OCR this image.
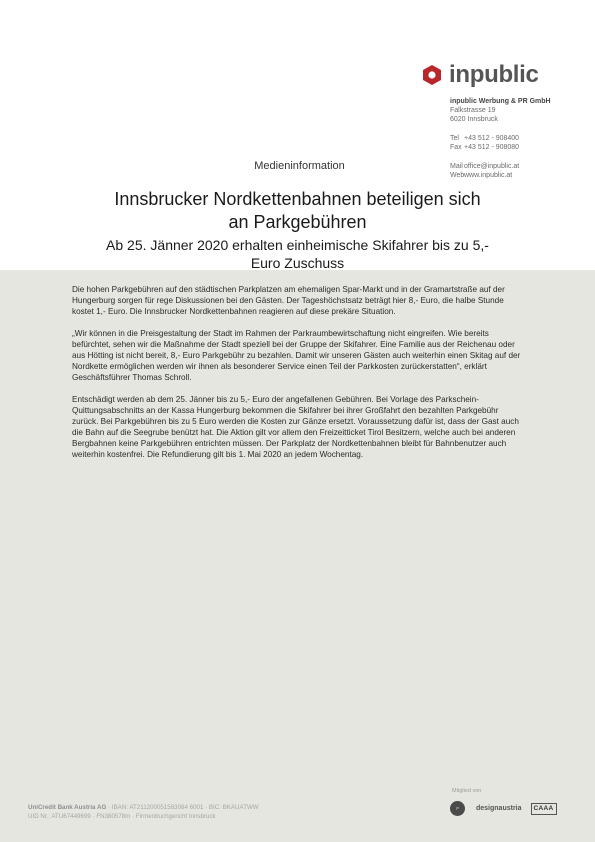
inpublic
inpublic Werbung & PR GmbH
Falkstrasse 19
6020 Innsbruck
Tel +43 512 - 908400
Fax +43 512 - 908080
Mail office@inpublic.at
Web www.inpublic.at
Medieninformation
Innsbrucker Nordkettenbahnen beteiligen sich
an Parkgebühren
Ab 25. Jänner 2020 erhalten einheimische Skifahrer bis zu 5,-
Euro Zuschuss

Die hohen Parkgebühren auf den städtischen Parkplatzen am ehemaligen Spar-Markt und in der Gramartstraße auf der Hungerburg sorgen für rege Diskussionen bei den Gästen. Der Tageshöchstsatz beträgt hier 8,- Euro, die halbe Stunde kostet 1,- Euro. Die Innsbrucker Nordkettenbahnen reagieren auf diese prekäre Situation.

„Wir können in die Preisgestaltung der Stadt im Rahmen der Parkraumbewirtschaftung nicht eingreifen. Wie bereits befürchtet, sehen wir die Maßnahme der Stadt speziell bei der Gruppe der Skifahrer. Eine Familie aus der Reichenau oder aus Hötting ist nicht bereit, 8,- Euro Parkgebühr zu bezahlen. Damit wir unseren Gästen auch weiterhin einen Skitag auf der Nordkette ermöglichen werden wir ihnen als besonderer Service einen Teil der Parkkosten zurückerstatten“, erklärt Geschäftsführer Thomas Schroll.

Entschädigt werden ab dem 25. Jänner bis zu 5,- Euro der angefallenen Gebühren. Bei Vorlage des Parkschein-Quittungsabschnitts an der Kassa Hungerburg bekommen die Skifahrer bei ihrer Großfahrt den bezahlten Parkgebühr zurück. Bei Parkgebühren bis zu 5 Euro werden die Kosten zur Gänze ersetzt. Voraussetzung dafür ist, dass der Gast auch die Bahn auf die Seegrube benützt hat. Die Aktion gilt vor allem den Freizeitticket Tirol Besitzern, welche auch bei anderen Bergbahnen keine Parkgebühren entrichten müssen. Der Parkplatz der Nordkettenbahnen bleibt für Bahnbenutzer auch weiterhin kostenfrei. Die Refundierung gilt bis 1. Mai 2020 an jedem Wochentag.

UniCredit Bank Austria AG · IBAN: AT211200051583084 6001 · BIC: BKAUATWW
UID Nr.: ATU67449699 · FN380578m · Firmenbuchgericht Innsbruck
Mitglied von
pr	designaustria	CAAA
